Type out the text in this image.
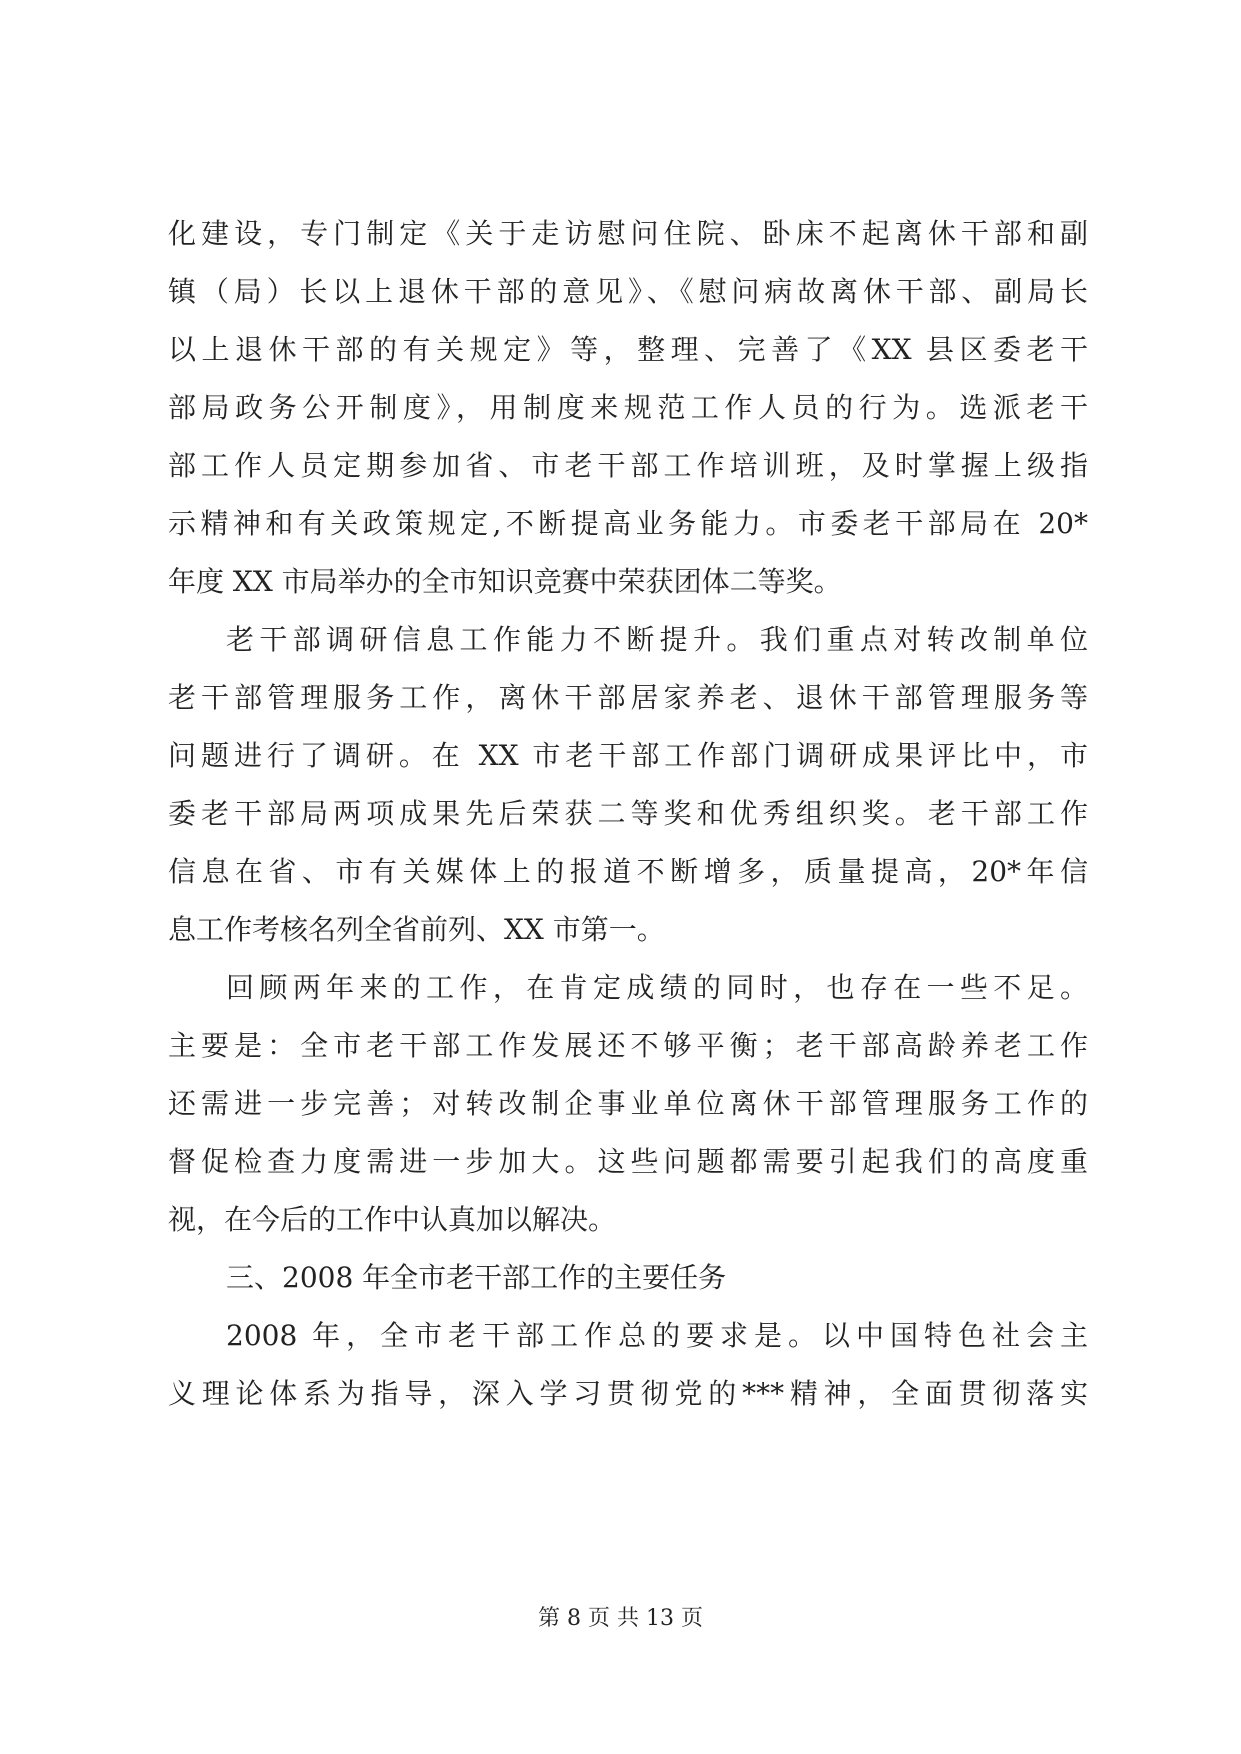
化建设，专门制定《关于走访慰问住院、卧床不起离休干部和副
镇（局）长以上退休干部的意见》、《慰问病故离休干部、副局长
以上退休干部的有关规定》等，整理、完善了《XX 县区委老干
部局政务公开制度》，用制度来规范工作人员的行为。选派老干
部工作人员定期参加省、市老干部工作培训班，及时掌握上级指
示精神和有关政策规定,不断提高业务能力。市委老干部局在 20*
年度 XX 市局举办的全市知识竞赛中荣获团体二等奖。
老干部调研信息工作能力不断提升。我们重点对转改制单位
老干部管理服务工作，离休干部居家养老、退休干部管理服务等
问题进行了调研。在 XX 市老干部工作部门调研成果评比中，市
委老干部局两项成果先后荣获二等奖和优秀组织奖。老干部工作
信息在省、市有关媒体上的报道不断增多，质量提高，20*年信
息工作考核名列全省前列、XX 市第一。
回顾两年来的工作，在肯定成绩的同时，也存在一些不足。
主要是：全市老干部工作发展还不够平衡；老干部高龄养老工作
还需进一步完善；对转改制企事业单位离休干部管理服务工作的
督促检查力度需进一步加大。这些问题都需要引起我们的高度重
视，在今后的工作中认真加以解决。
三、2008 年全市老干部工作的主要任务
2008 年，全市老干部工作总的要求是。以中国特色社会主
义理论体系为指导，深入学习贯彻党的***精神，全面贯彻落实
第 8 页 共 13 页
